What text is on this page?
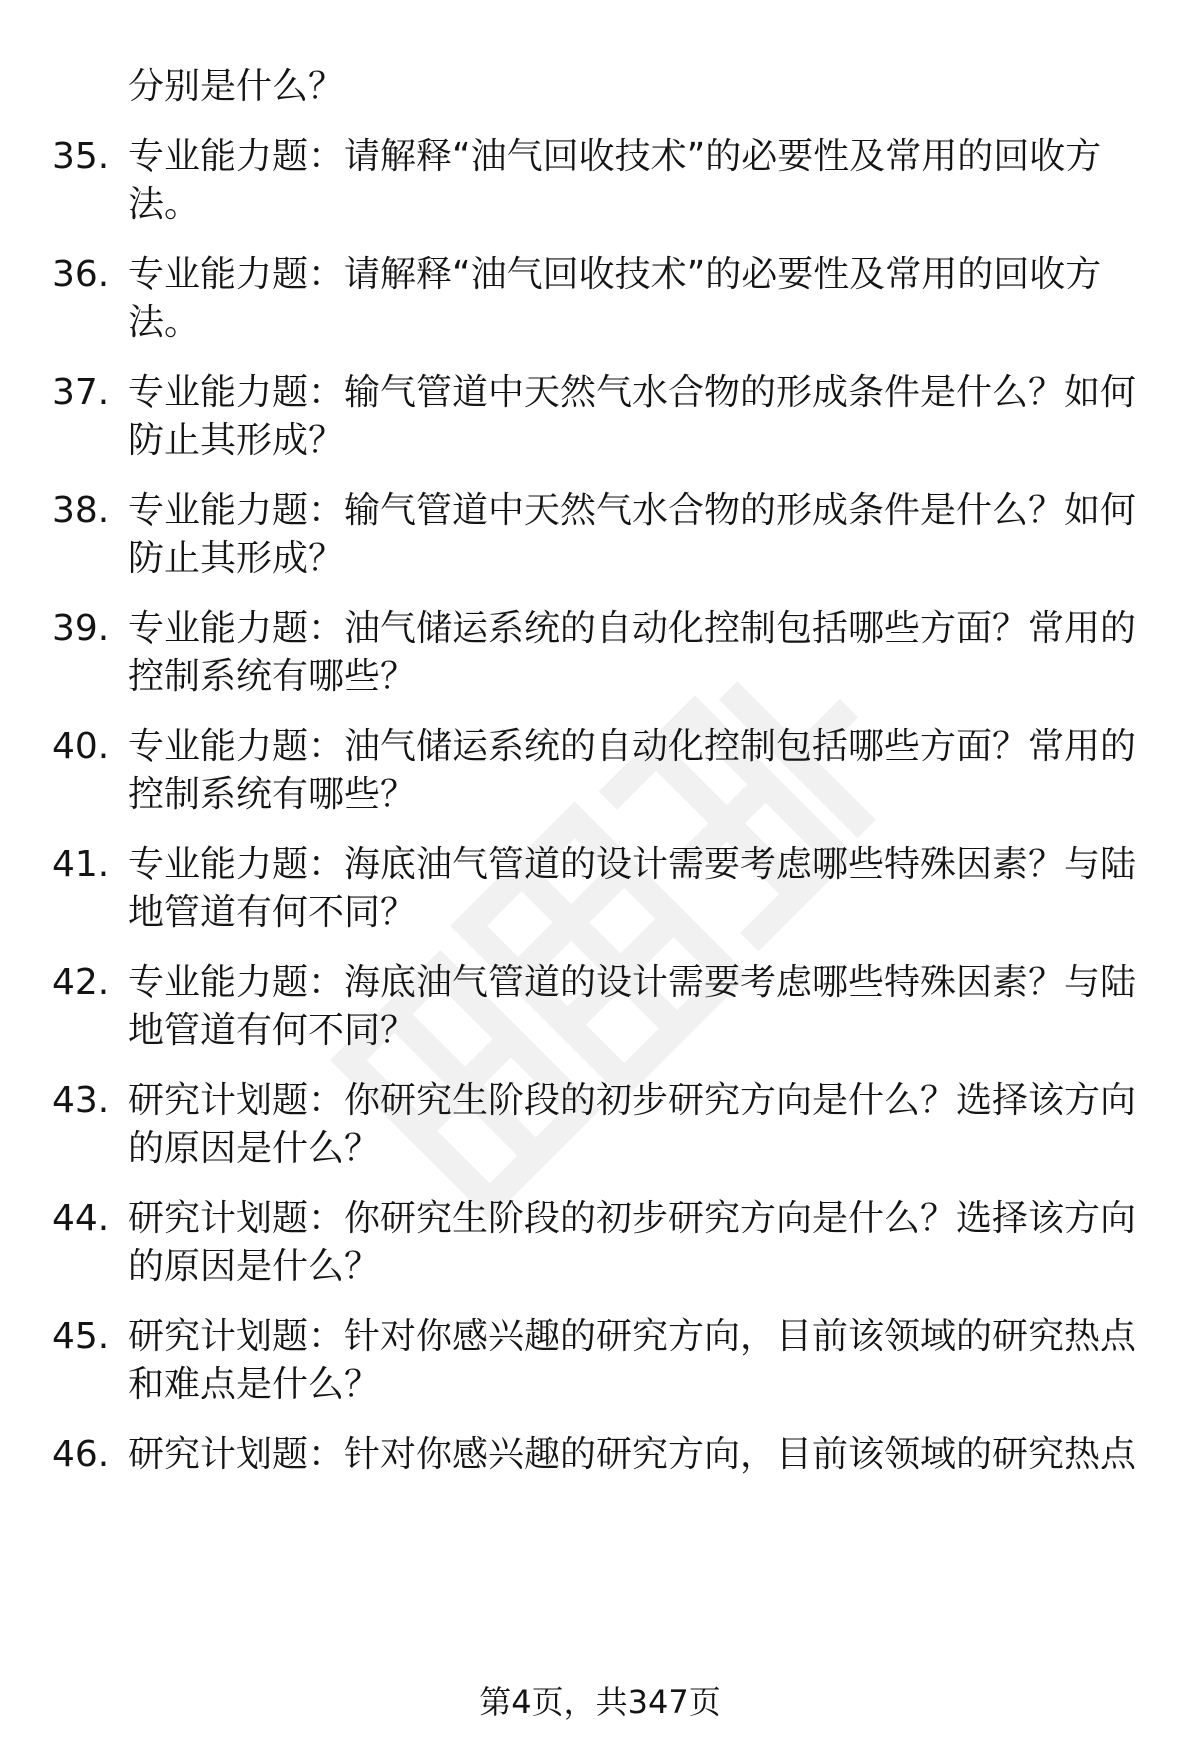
分别是什么？
35. 专业能力题：请解释“油气回收技术”的必要性及常用的回收方
法。
36. 专业能力题：请解释“油气回收技术”的必要性及常用的回收方
法。
37. 专业能力题：输气管道中天然气水合物的形成条件是什么？如何
防止其形成？
38. 专业能力题：输气管道中天然气水合物的形成条件是什么？如何
防止其形成？
39. 专业能力题：油气储运系统的自动化控制包括哪些方面？常用的
控制系统有哪些？
40. 专业能力题：油气储运系统的自动化控制包括哪些方面？常用的
控制系统有哪些？
41. 专业能力题：海底油气管道的设计需要考虑哪些特殊因素？与陆
地管道有何不同？
42. 专业能力题：海底油气管道的设计需要考虑哪些特殊因素？与陆
地管道有何不同？
43. 研究计划题：你研究生阶段的初步研究方向是什么？选择该方向
的原因是什么？
44. 研究计划题：你研究生阶段的初步研究方向是什么？选择该方向
的原因是什么？
45. 研究计划题：针对你感兴趣的研究方向，目前该领域的研究热点
和难点是什么？
46. 研究计划题：针对你感兴趣的研究方向，目前该领域的研究热点
第4页，共347页
